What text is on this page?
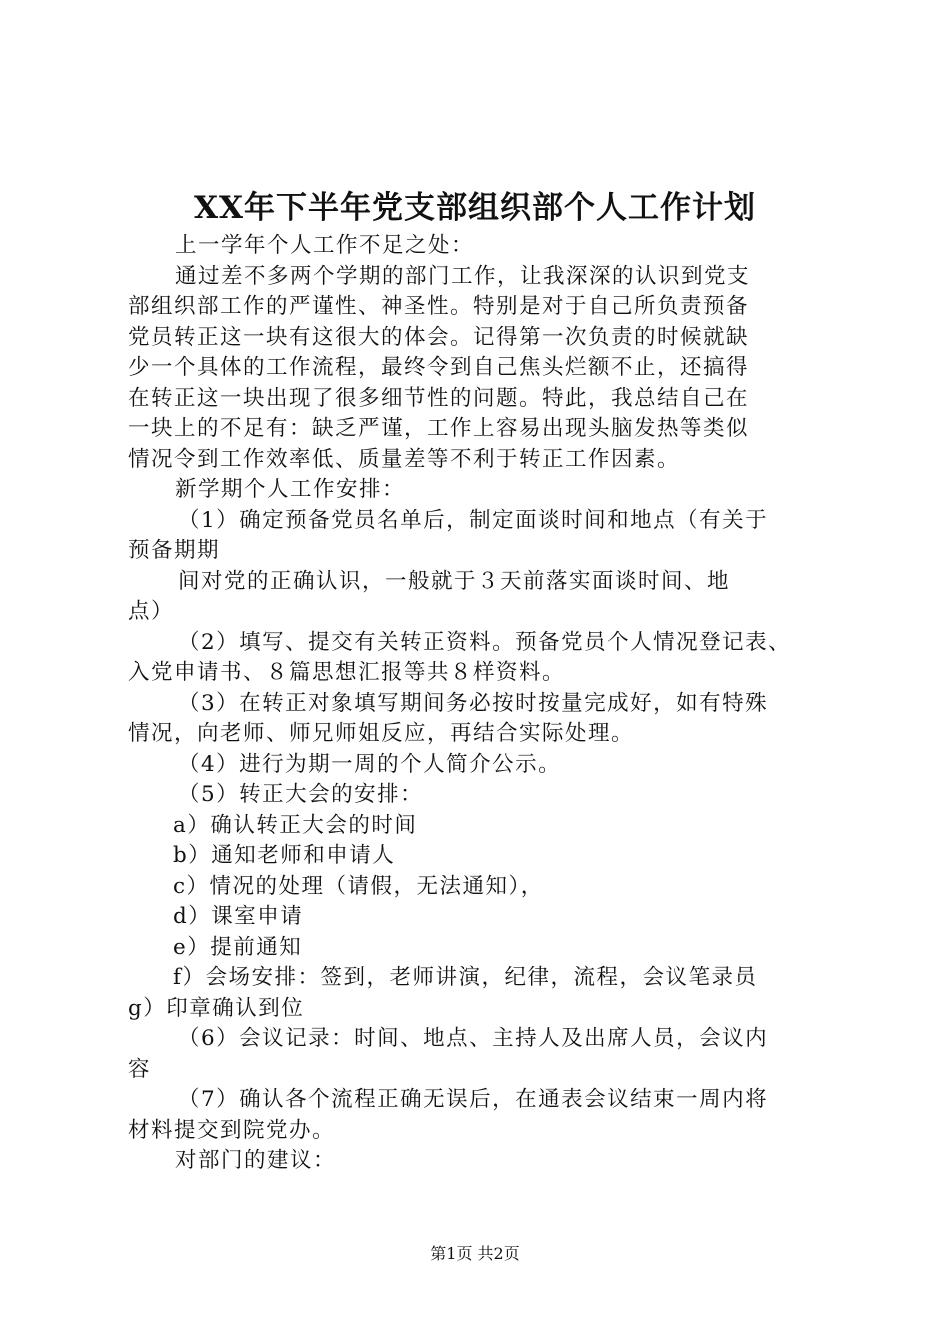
XX年下半年党支部组织部个人工作计划

上一学年个人工作不足之处：

通过差不多两个学期的部门工作，让我深深的认识到党支

部组织部工作的严谨性、神圣性。特别是对于自己所负责预备

党员转正这一块有这很大的体会。记得第一次负责的时候就缺

少一个具体的工作流程，最终令到自己焦头烂额不止，还搞得

在转正这一块出现了很多细节性的问题。特此，我总结自己在

一块上的不足有：缺乏严谨，工作上容易出现头脑发热等类似

情况令到工作效率低、质量差等不利于转正工作因素。

新学期个人工作安排：

（1）确定预备党员名单后，制定面谈时间和地点（有关于

预备期期

间对党的正确认识，一般就于３天前落实面谈时间、地

点）

（2）填写、提交有关转正资料。预备党员个人情况登记表、

入党申请书、８篇思想汇报等共８样资料。

（3）在转正对象填写期间务必按时按量完成好，如有特殊

情况，向老师、师兄师姐反应，再结合实际处理。

（4）进行为期一周的个人简介公示。

（5）转正大会的安排：

a）确认转正大会的时间

b）通知老师和申请人

c）情况的处理（请假，无法通知），

d）课室申请

e）提前通知

f）会场安排：签到，老师讲演，纪律，流程，会议笔录员

g）印章确认到位

（6）会议记录：时间、地点、主持人及出席人员，会议内

容

（7）确认各个流程正确无误后，在通表会议结束一周内将

材料提交到院党办。

对部门的建议：

第1页 共2页
